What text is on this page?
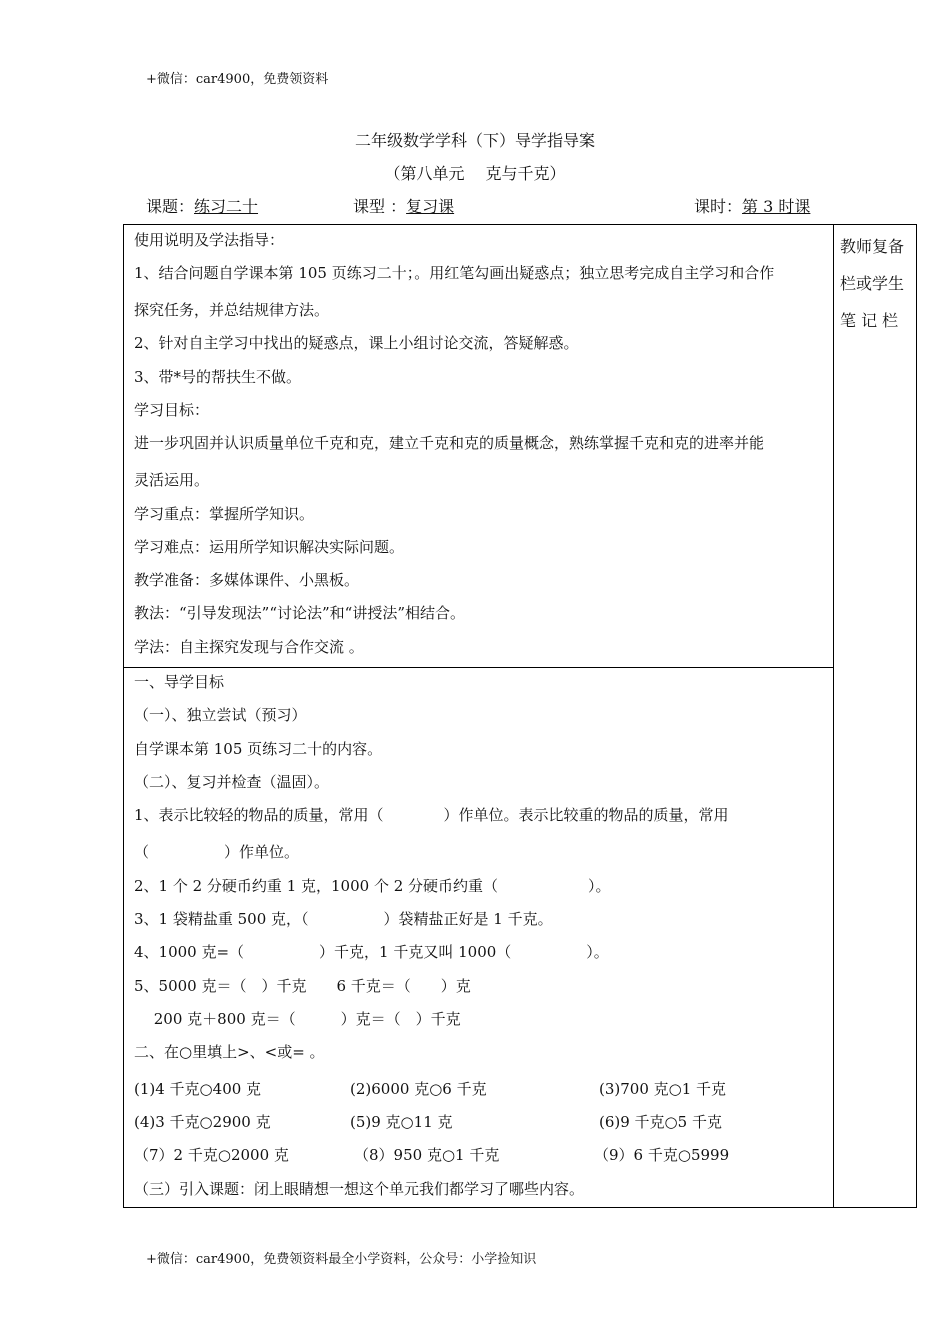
+微信：car4900，免费领资料
二年级数学学科（下）导学指导案
（第八单元　 克与千克）
课题：练习二十	课型 ：复习课	课时：第 3 时课
教师复备
栏或学生
笔 记 栏
使用说明及学法指导：
1、结合问题自学课本第 105 页练习二十；。用红笔勾画出疑惑点；独立思考完成自主学习和合作
探究任务，并总结规律方法。
2、针对自主学习中找出的疑惑点，课上小组讨论交流，答疑解惑。
3、带*号的帮扶生不做。
学习目标：
进一步巩固并认识质量单位千克和克，建立千克和克的质量概念，熟练掌握千克和克的进率并能
灵活运用。
学习重点：掌握所学知识。
学习难点：运用所学知识解决实际问题。
教学准备：多媒体课件、小黑板。
教法：“引导发现法”“讨论法”和“讲授法”相结合。
学法：自主探究发现与合作交流 。
一、导学目标
（一）、独立尝试（预习）
自学课本第 105 页练习二十的内容。
（二）、复习并检查（温固）。
1、表示比较轻的物品的质量，常用（　　　　）作单位。表示比较重的物品的质量，常用
（　　　　　）作单位。
2、1 个 2 分硬币约重 1 克，1000 个 2 分硬币约重（　　　　　　）。
3、1 袋精盐重 500 克，（　　　　　）袋精盐正好是 1 千克。
4、1000 克=（　　　　　）千克，1 千克又叫 1000（　　　　　）。
5、5000 克＝（　）千克　　6 千克＝（　　）克
　 200 克＋800 克＝（　　　）克＝（　）千克
二、在○里填上>、<或= 。
(1)4 千克○400 克	(2)6000 克○6 千克	(3)700 克○1 千克
(4)3 千克○2900 克	(5)9 克○11 克	(6)9 千克○5 千克
（7）2 千克○2000 克	（8）950 克○1 千克	（9）6 千克○5999
（三）引入课题：闭上眼睛想一想这个单元我们都学习了哪些内容。
+微信：car4900，免费领资料最全小学资料，公众号：小学捡知识
